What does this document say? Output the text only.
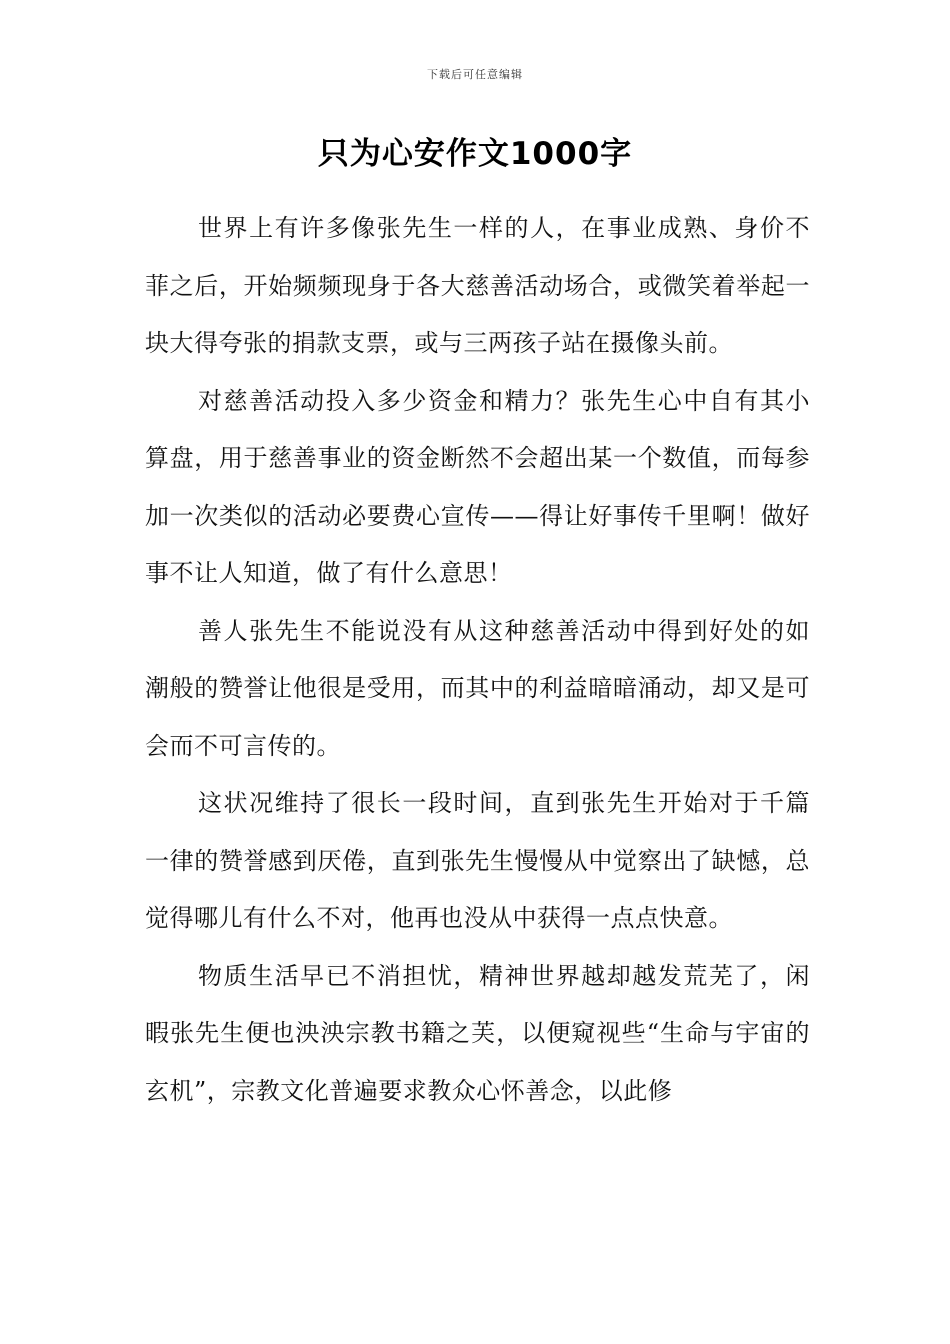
下载后可任意编辑
只为心安作文1000字

世界上有许多像张先生一样的人，在事业成熟、身价不菲之后，开始频频现身于各大慈善活动场合，或微笑着举起一块大得夸张的捐款支票，或与三两孩子站在摄像头前。

对慈善活动投入多少资金和精力？张先生心中自有其小算盘，用于慈善事业的资金断然不会超出某一个数值，而每参加一次类似的活动必要费心宣传——得让好事传千里啊！做好事不让人知道，做了有什么意思！

善人张先生不能说没有从这种慈善活动中得到好处的如潮般的赞誉让他很是受用，而其中的利益暗暗涌动，却又是可会而不可言传的。

这状况维持了很长一段时间，直到张先生开始对于千篇一律的赞誉感到厌倦，直到张先生慢慢从中觉察出了缺憾，总觉得哪儿有什么不对，他再也没从中获得一点点快意。

物质生活早已不消担忧，精神世界越却越发荒芜了，闲暇张先生便也泱泱宗教书籍之芙，以便窥视些“生命与宇宙的玄机”，宗教文化普遍要求教众心怀善念，以此修
